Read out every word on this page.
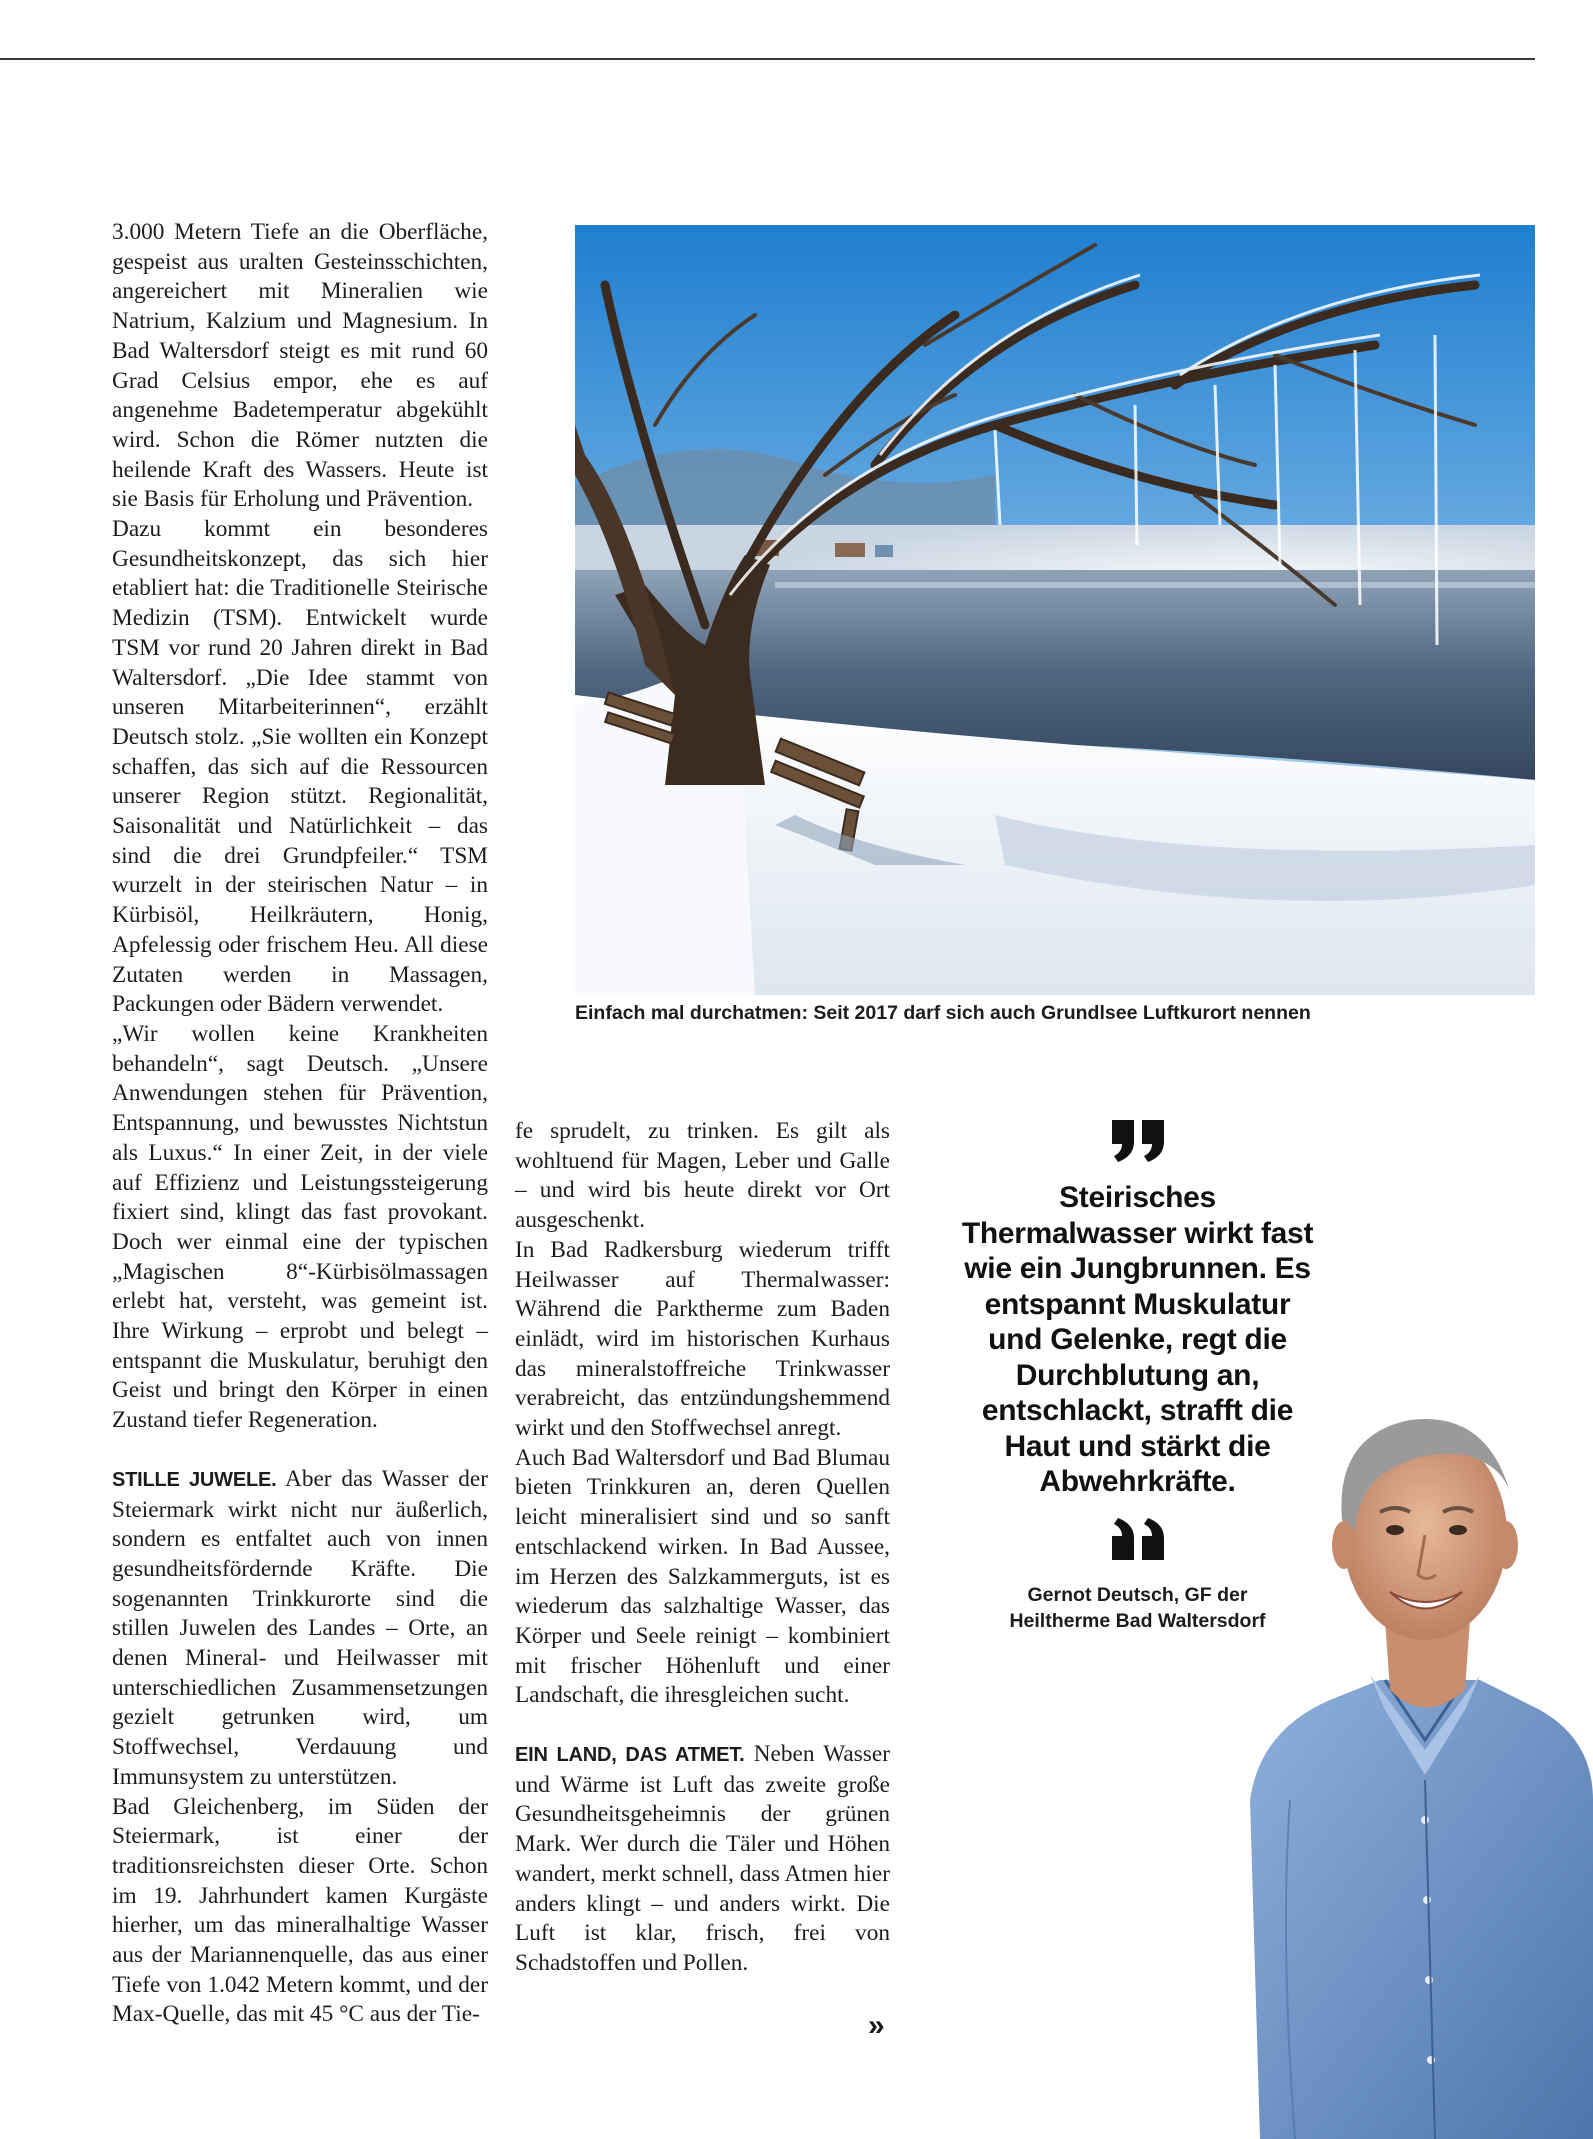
3.000 Metern Tiefe an die Oberfläche, gespeist aus uralten Gesteinsschichten, angereichert mit Mineralien wie Natrium, Kalzium und Magnesium. In Bad Waltersdorf steigt es mit rund 60 Grad Celsius empor, ehe es auf angenehme Badetemperatur abgekühlt wird. Schon die Römer nutzten die heilende Kraft des Wassers. Heute ist sie Basis für Erholung und Prävention.

Dazu kommt ein besonderes Gesundheitskonzept, das sich hier etabliert hat: die Traditionelle Steirische Medizin (TSM). Entwickelt wurde TSM vor rund 20 Jahren direkt in Bad Waltersdorf. „Die Idee stammt von unseren Mitarbeiterinnen“, erzählt Deutsch stolz. „Sie wollten ein Konzept schaffen, das sich auf die Ressourcen unserer Region stützt. Regionalität, Saisonalität und Natürlichkeit – das sind die drei Grundpfeiler.“ TSM wurzelt in der steirischen Natur – in Kürbisöl, Heilkräutern, Honig, Apfelessig oder frischem Heu. All diese Zutaten werden in Massagen, Packungen oder Bädern verwendet.

„Wir wollen keine Krankheiten behandeln“, sagt Deutsch. „Unsere Anwendungen stehen für Prävention, Entspannung, und bewusstes Nichtstun als Luxus.“ In einer Zeit, in der viele auf Effizienz und Leistungssteigerung fixiert sind, klingt das fast provokant. Doch wer einmal eine der typischen „Magischen 8“-Kürbisölmassagen erlebt hat, versteht, was gemeint ist. Ihre Wirkung – erprobt und belegt – entspannt die Muskulatur, beruhigt den Geist und bringt den Körper in einen Zustand tiefer Regeneration.

STILLE JUWELE. Aber das Wasser der Steiermark wirkt nicht nur äußerlich, sondern es entfaltet auch von innen gesundheitsfördernde Kräfte. Die sogenannten Trinkkurorte sind die stillen Juwelen des Landes – Orte, an denen Mineral- und Heilwasser mit unterschiedlichen Zusammensetzungen gezielt getrunken wird, um Stoffwechsel, Verdauung und Immunsystem zu unterstützen.

Bad Gleichenberg, im Süden der Steiermark, ist einer der traditionsreichsten dieser Orte. Schon im 19. Jahrhundert kamen Kurgäste hierher, um das mineralhaltige Wasser aus der Mariannenquelle, das aus einer Tiefe von 1.042 Metern kommt, und der Max-Quelle, das mit 45 °C aus der Tie-

fe sprudelt, zu trinken. Es gilt als wohltuend für Magen, Leber und Galle – und wird bis heute direkt vor Ort ausgeschenkt.

In Bad Radkersburg wiederum trifft Heilwasser auf Thermalwasser: Während die Parktherme zum Baden einlädt, wird im historischen Kurhaus das mineralstoffreiche Trinkwasser verabreicht, das entzündungshemmend wirkt und den Stoffwechsel anregt.

Auch Bad Waltersdorf und Bad Blumau bieten Trinkkuren an, deren Quellen leicht mineralisiert sind und so sanft entschlackend wirken. In Bad Aussee, im Herzen des Salzkammerguts, ist es wiederum das salzhaltige Wasser, das Körper und Seele reinigt – kombiniert mit frischer Höhenluft und einer Landschaft, die ihresgleichen sucht.

EIN LAND, DAS ATMET. Neben Wasser und Wärme ist Luft das zweite große Gesundheitsgeheimnis der grünen Mark. Wer durch die Täler und Höhen wandert, merkt schnell, dass Atmen hier anders klingt – und anders wirkt. Die Luft ist klar, frisch, frei von Schadstoffen und Pollen.

»
Einfach mal durchatmen: Seit 2017 darf sich auch Grundlsee Luftkurort nennen
Steirisches Thermalwasser wirkt fast wie ein Jungbrunnen. Es entspannt Muskulatur und Gelenke, regt die Durchblutung an, entschlackt, strafft die Haut und stärkt die Abwehrkräfte.
Gernot Deutsch, GF der
Heiltherme Bad Waltersdorf
